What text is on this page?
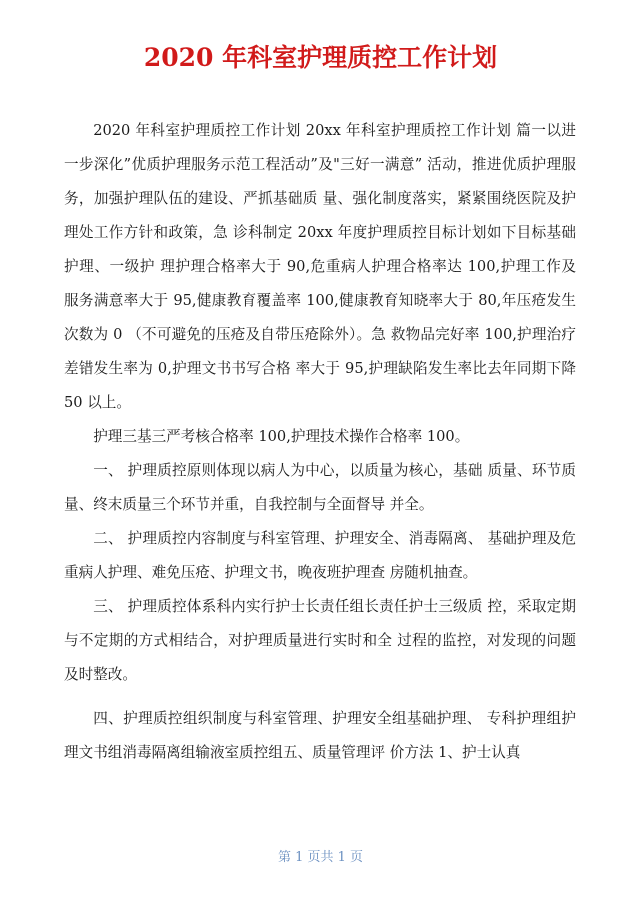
2020 年科室护理质控工作计划

2020 年科室护理质控工作计划 20xx 年科室护理质控工作计划 篇一以进一步深化”优质护理服务示范工程活动”及"三好一满意” 活动，推进优质护理服务，加强护理队伍的建设、严抓基础质 量、强化制度落实，紧紧围绕医院及护理处工作方针和政策，急 诊科制定 20xx 年度护理质控目标计划如下目标基础护理、一级护 理护理合格率大于 90,危重病人护理合格率达 100,护理工作及 服务满意率大于 95,健康教育覆盖率 100,健康教育知晓率大于 80,年压疮发生次数为 0 （不可避免的压疮及自带压疮除外）。急 救物品完好率 100,护理治疗差错发生率为 0,护理文书书写合格 率大于 95,护理缺陷发生率比去年同期下降 50 以上。

护理三基三严考核合格率 100,护理技术操作合格率 100。

一、 护理质控原则体现以病人为中心，以质量为核心，基础 质量、环节质量、终末质量三个环节并重，自我控制与全面督导 并全。

二、 护理质控内容制度与科室管理、护理安全、消毒隔离、 基础护理及危重病人护理、难免压疮、护理文书，晚夜班护理查 房随机抽查。

三、 护理质控体系科内实行护士长责任组长责任护士三级质 控，采取定期与不定期的方式相结合，对护理质量进行实时和全 过程的监控，对发现的问题及时整改。

四、护理质控组织制度与科室管理、护理安全组基础护理、 专科护理组护理文书组消毒隔离组输液室质控组五、质量管理评 价方法 1、护士认真

第 1 页共 1 页
